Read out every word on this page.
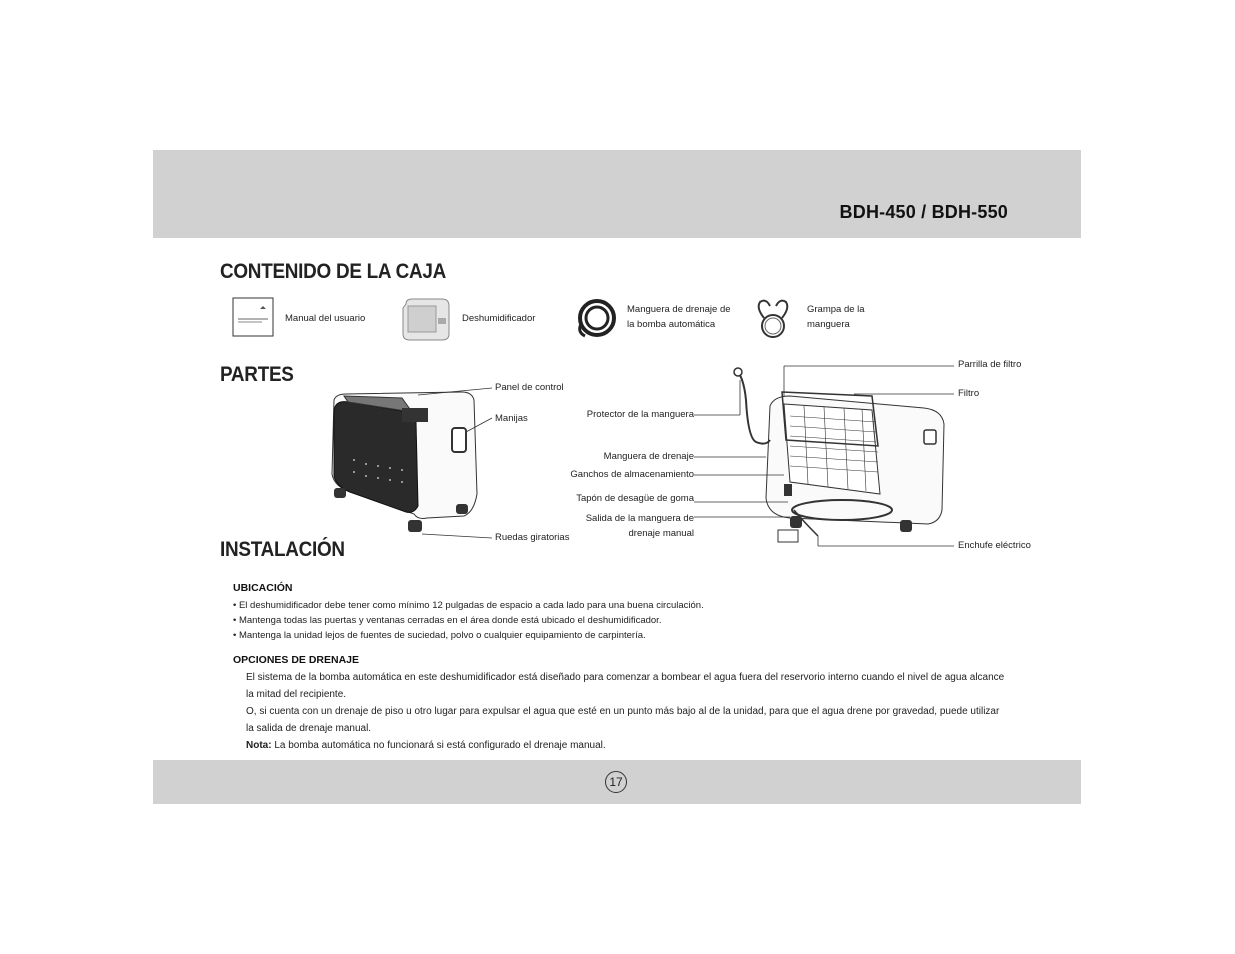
BDH-450 / BDH-550
CONTENIDO DE LA CAJA
Manual del usuario	Deshumidificador
Manguera de drenaje de
la bomba automática
Grampa de la
manguera
PARTES
Panel de control
Manijas
Ruedas giratorias
Protector de la manguera
Manguera de drenaje
Ganchos de almacenamiento
Tapón de desagüe de goma
Salida de la manguera de
drenaje manual
Parrilla de filtro
Filtro
Enchufe eléctrico
INSTALACIÓN
UBICACIÓN
• El deshumidificador debe tener como mínimo 12 pulgadas de espacio a cada lado para una buena circulación.
• Mantenga todas las puertas y ventanas cerradas en el área donde está ubicado el deshumidificador.
• Mantenga la unidad lejos de fuentes de suciedad, polvo o cualquier equipamiento de carpintería.
OPCIONES DE DRENAJE

El sistema de la bomba automática en este deshumidificador está diseñado para comenzar a bombear el agua fuera del reservorio interno cuando el nivel de agua alcance la mitad del recipiente.

O, si cuenta con un drenaje de piso u otro lugar para expulsar el agua que esté en un punto más bajo al de la unidad, para que el agua drene por gravedad, puede utilizar la salida de drenaje manual.

Nota: La bomba automática no funcionará si está configurado el drenaje manual.

17
